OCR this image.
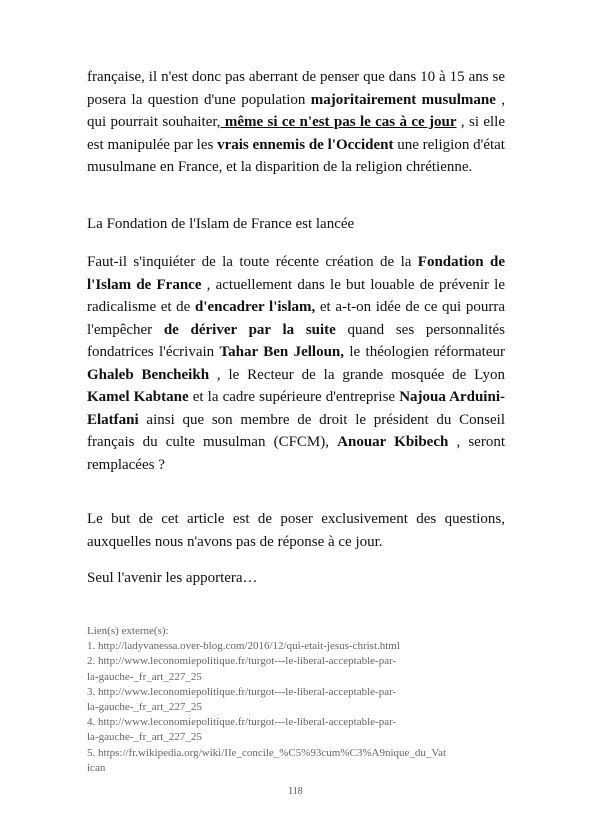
française, il n'est donc pas aberrant de penser que dans 10 à 15 ans se posera la question d'une population majoritairement musulmane , qui pourrait souhaiter, même si ce n'est pas le cas à ce jour , si elle est manipulée par les vrais ennemis de l'Occident une religion d'état musulmane en France, et la disparition de la religion chrétienne.

La Fondation de l'Islam de France est lancée

Faut-il s'inquiéter de la toute récente création de la Fondation de l'Islam de France , actuellement dans le but louable de prévenir le radicalisme et de d'encadrer l'islam, et a-t-on idée de ce qui pourra l'empêcher de dériver par la suite quand ses personnalités fondatrices l'écrivain Tahar Ben Jelloun, le théologien réformateur Ghaleb Bencheikh , le Recteur de la grande mosquée de Lyon Kamel Kabtane et la cadre supérieure d'entreprise Najoua Arduini-Elatfani ainsi que son membre de droit le président du Conseil français du culte musulman (CFCM), Anouar Kbibech , seront remplacées ?

Le but de cet article est de poser exclusivement des questions, auxquelles nous n'avons pas de réponse à ce jour.

Seul l'avenir les apportera…

Lien(s) externe(s):
1. http://ladyvanessa.over-blog.com/2016/12/qui-etait-jesus-christ.html
2. http://www.leconomiepolitique.fr/turgot---le-liberal-acceptable-par-
la-gauche-_fr_art_227_25
3. http://www.leconomiepolitique.fr/turgot---le-liberal-acceptable-par-
la-gauche-_fr_art_227_25
4. http://www.leconomiepolitique.fr/turgot---le-liberal-acceptable-par-
la-gauche-_fr_art_227_25
5. https://fr.wikipedia.org/wiki/IIe_concile_%C5%93cum%C3%A9nique_du_Vat
ican
118
